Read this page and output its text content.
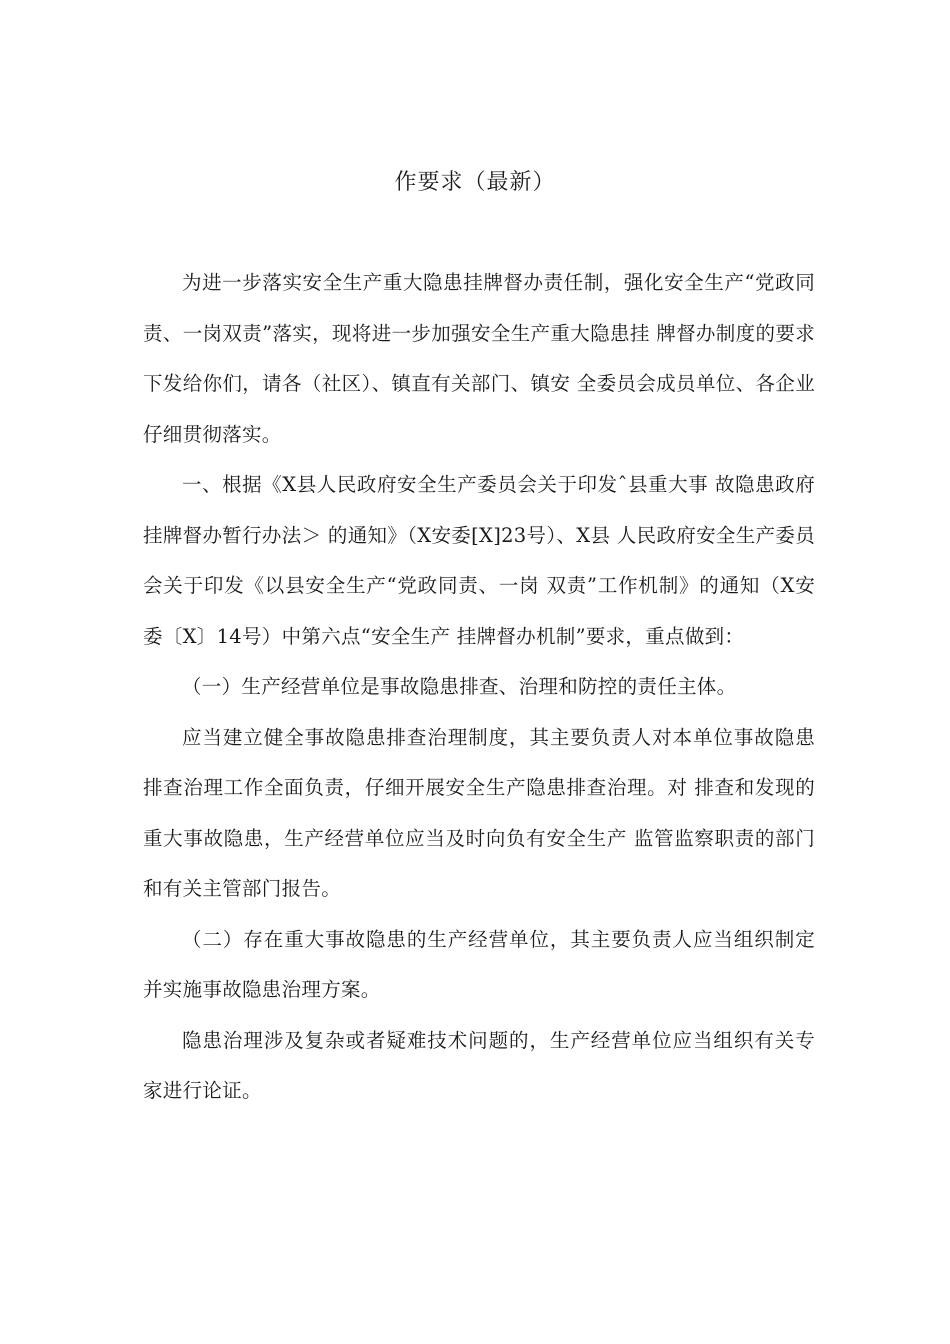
作要求（最新）

为进一步落实安全生产重大隐患挂牌督办责任制，强化安全生产“党政同责、一岗双责”落实，现将进一步加强安全生产重大隐患挂 牌督办制度的要求下发给你们，请各（社区）、镇直有关部门、镇安 全委员会成员单位、各企业仔细贯彻落实。

一、根据《X县人民政府安全生产委员会关于印发ˆ县重大事 故隐患政府挂牌督办暂行办法＞ 的通知》（X安委[X]23号）、X县 人民政府安全生产委员会关于印发《以县安全生产“党政同责、一岗 双责”工作机制》的通知（X安委〔X〕14号）中第六点“安全生产 挂牌督办机制”要求，重点做到：

（一）生产经营单位是事故隐患排查、治理和防控的责任主体。

应当建立健全事故隐患排查治理制度，其主要负责人对本单位事故隐患排查治理工作全面负责，仔细开展安全生产隐患排查治理。对 排查和发现的重大事故隐患，生产经营单位应当及时向负有安全生产 监管监察职责的部门和有关主管部门报告。

（二）存在重大事故隐患的生产经营单位，其主要负责人应当组织制定并实施事故隐患治理方案。

隐患治理涉及复杂或者疑难技术问题的，生产经营单位应当组织有关专家进行论证。
